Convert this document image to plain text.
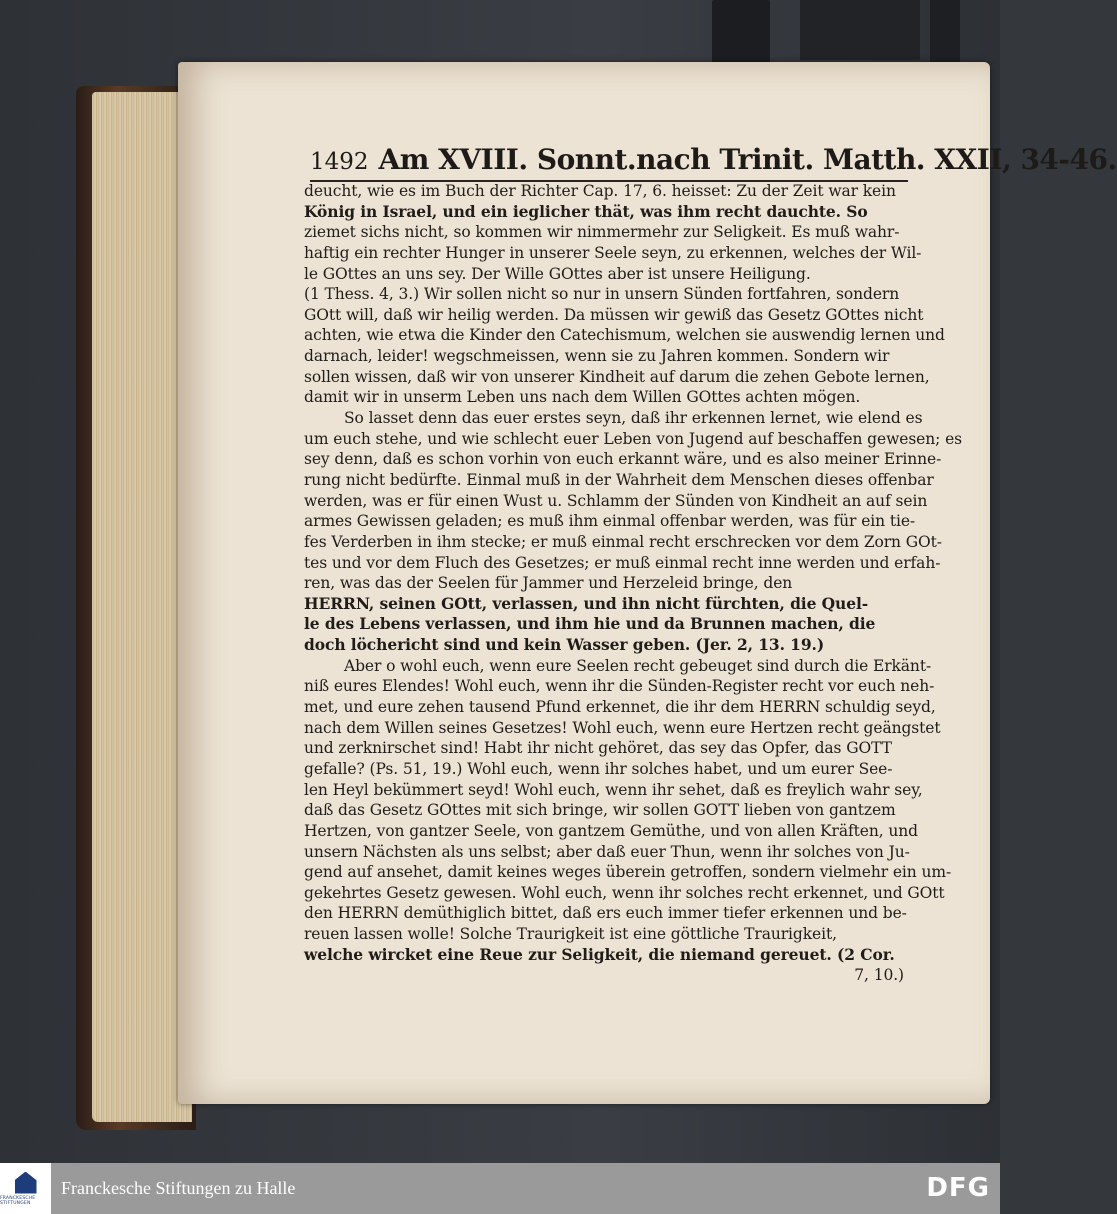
1492 Am XVIII. Sonnt.nach Trinit. Matth. XXII, 34-46.
deucht, wie es im Buch der Richter Cap. 17, 6. heisset: Zu der Zeit war kein
König in Israel, und ein ieglicher thät, was ihm recht dauchte. So
ziemet sichs nicht, so kommen wir nimmermehr zur Seligkeit. Es muß wahr-
haftig ein rechter Hunger in unserer Seele seyn, zu erkennen, welches der Wil-
le GOttes an uns sey. Der Wille GOttes aber ist unsere Heiligung.
(1 Thess. 4, 3.) Wir sollen nicht so nur in unsern Sünden fortfahren, sondern
GOtt will, daß wir heilig werden. Da müssen wir gewiß das Gesetz GOttes nicht
achten, wie etwa die Kinder den Catechismum, welchen sie auswendig lernen und
darnach, leider! wegschmeissen, wenn sie zu Jahren kommen. Sondern wir
sollen wissen, daß wir von unserer Kindheit auf darum die zehen Gebote lernen,
damit wir in unserm Leben uns nach dem Willen GOttes achten mögen.
So lasset denn das euer erstes seyn, daß ihr erkennen lernet, wie elend es
um euch stehe, und wie schlecht euer Leben von Jugend auf beschaffen gewesen; es
sey denn, daß es schon vorhin von euch erkannt wäre, und es also meiner Erinne-
rung nicht bedürfte. Einmal muß in der Wahrheit dem Menschen dieses offenbar
werden, was er für einen Wust u. Schlamm der Sünden von Kindheit an auf sein
armes Gewissen geladen; es muß ihm einmal offenbar werden, was für ein tie-
fes Verderben in ihm stecke; er muß einmal recht erschrecken vor dem Zorn GOt-
tes und vor dem Fluch des Gesetzes; er muß einmal recht inne werden und erfah-
ren, was das der Seelen für Jammer und Herzeleid bringe, den
HERRN, seinen GOtt, verlassen, und ihn nicht fürchten, die Quel-
le des Lebens verlassen, und ihm hie und da Brunnen machen, die
doch löchericht sind und kein Wasser geben. (Jer. 2, 13. 19.)
Aber o wohl euch, wenn eure Seelen recht gebeuget sind durch die Erkänt-
niß eures Elendes! Wohl euch, wenn ihr die Sünden-Register recht vor euch neh-
met, und eure zehen tausend Pfund erkennet, die ihr dem HERRN schuldig seyd,
nach dem Willen seines Gesetzes! Wohl euch, wenn eure Hertzen recht geängstet
und zerknirschet sind! Habt ihr nicht gehöret, das sey das Opfer, das GOTT
gefalle? (Ps. 51, 19.) Wohl euch, wenn ihr solches habet, und um eurer See-
len Heyl bekümmert seyd! Wohl euch, wenn ihr sehet, daß es freylich wahr sey,
daß das Gesetz GOttes mit sich bringe, wir sollen GOTT lieben von gantzem
Hertzen, von gantzer Seele, von gantzem Gemüthe, und von allen Kräften, und
unsern Nächsten als uns selbst; aber daß euer Thun, wenn ihr solches von Ju-
gend auf ansehet, damit keines weges überein getroffen, sondern vielmehr ein um-
gekehrtes Gesetz gewesen. Wohl euch, wenn ihr solches recht erkennet, und GOtt
den HERRN demüthiglich bittet, daß ers euch immer tiefer erkennen und be-
reuen lassen wolle! Solche Traurigkeit ist eine göttliche Traurigkeit,
welche wircket eine Reue zur Seligkeit, die niemand gereuet. (2 Cor.
7, 10.)
FRANCKESCHE STIFTUNGEN
Franckesche Stiftungen zu Halle	DFG
